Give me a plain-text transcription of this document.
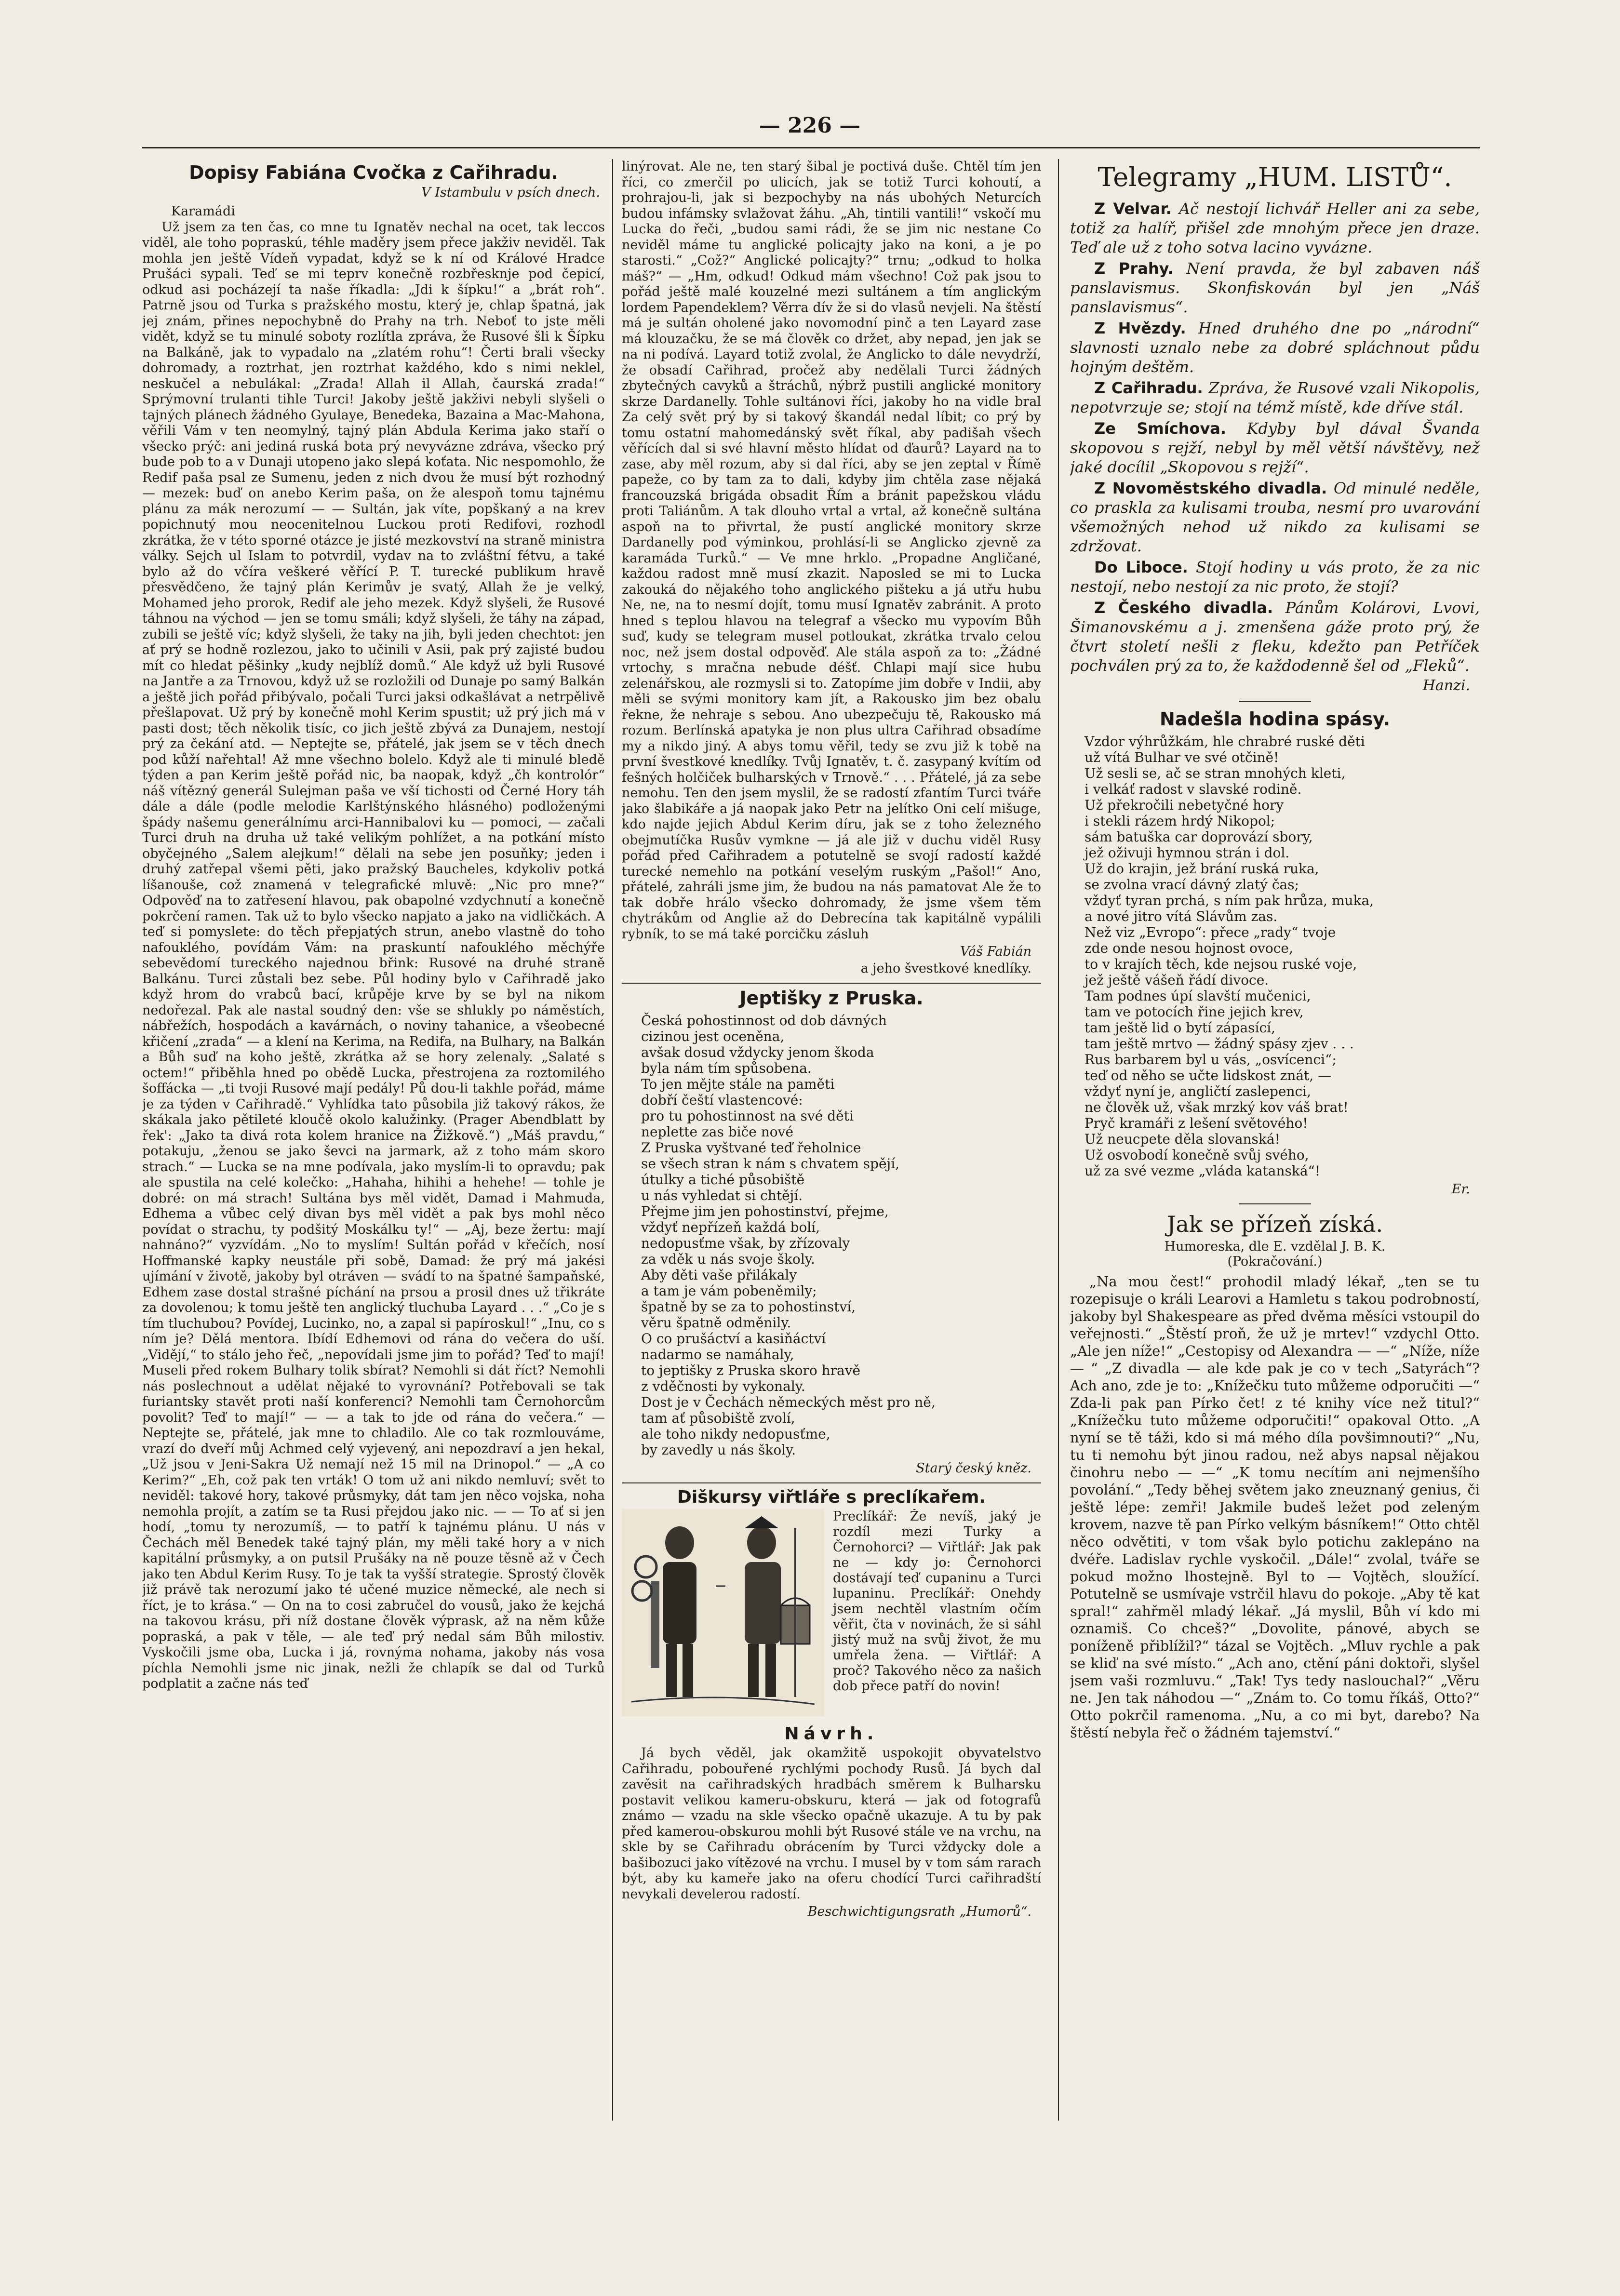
— 226 —
Dopisy Fabiána Cvočka z Cařihradu.
V Istambulu v psích dnech.

Karamádi

Už jsem za ten čas, co mne tu Ignatěv nechal na ocet, tak leccos viděl, ale toho popraskú, téhle maděry jsem přece jakživ neviděl. Tak mohla jen ještě Vídeň vypadat, když se k ní od Králové Hradce Prušáci sypali. Teď se mi teprv konečně rozbřesknje pod čepicí, odkud asi pocházejí ta naše říkadla: „Jdi k šípku!“ a „brát roh“. Patrně jsou od Turka s pražského mostu, který je, chlap špatná, jak jej znám, přines nepochybně do Prahy na trh. Neboť to jste měli vidět, když se tu minulé soboty rozlítla zpráva, že Rusové šli k Šípku na Balkáně, jak to vypadalo na „zlatém rohu“! Čerti brali všecky dohromady, a roztrhat, jen roztrhat každého, kdo s nimi neklel, neskučel a nebulákal: „Zrada! Allah il Allah, čaurská zrada!“ Sprýmovní trulanti tihle Turci! Jakoby ještě jakživi nebyli slyšeli o tajných plánech žádného Gyulaye, Benedeka, Bazaina a Mac-Mahona, věřili Vám v ten neomylný, tajný plán Abdula Kerima jako staří o všecko prýč: ani jediná ruská bota prý nevyvázne zdráva, všecko prý bude pob to a v Dunaji utopeno jako slepá koťata. Nic nespomohlo, že Redif paša psal ze Sumenu, jeden z nich dvou že musí být rozhodný — mezek: buď on anebo Kerim paša, on že alespoň tomu tajnému plánu za mák nerozumí — — Sultán, jak víte, popškaný a na krev popichnutý mou neocenitelnou Luckou proti Redifovi, rozhodl zkrátka, že v této sporné otázce je jisté mezkovství na straně ministra války. Sejch ul Islam to potvrdil, vydav na to zvláštní fétvu, a také bylo až do včíra veškeré věřící P. T. turecké publikum hravě přesvědčeno, že tajný plán Kerimův je svatý, Allah že je velký, Mohamed jeho prorok, Redif ale jeho mezek. Když slyšeli, že Rusové táhnou na východ — jen se tomu smáli; když slyšeli, že táhy na západ, zubili se ještě víc; když slyšeli, že taky na jih, byli jeden chechtot: jen ať prý se hodně rozlezou, jako to učinili v Asii, pak prý zajisté budou mít co hledat pěšinky „kudy nejblíž domů.“ Ale když už byli Rusové na Jantře a za Trnovou, když už se rozložili od Dunaje po samý Balkán a ještě jich pořád přibývalo, počali Turci jaksi odkašlávat a netrpělivě přešlapovat. Už prý by konečně mohl Kerim spustit; už prý jich má v pasti dost; těch několik tisíc, co jich ještě zbývá za Dunajem, nestojí prý za čekání atd. — Neptejte se, přátelé, jak jsem se v těch dnech pod kůží nařehtal! Až mne všechno bolelo. Když ale ti minulé bledě týden a pan Kerim ještě pořád nic, ba naopak, když „čh kontrolór“ náš vítězný generál Sulejman paša ve vší tichosti od Černé Hory táh dále a dále (podle melodie Karlštýnského hlásného) podloženými špády našemu generálnímu arci-Hannibalovi ku — pomoci, — začali Turci druh na druha už také velikým pohlížet, a na potkání místo obyčejného „Salem alejkum!“ dělali na sebe jen posuňky; jeden i druhý zatřepal všemi pěti, jako pražský Baucheles, kdykoliv potká líšanouše, což znamená v telegrafické mluvě: „Nic pro mne?“ Odpověď na to zatřesení hlavou, pak obapolné vzdychnutí a konečně pokrčení ramen. Tak už to bylo všecko napjato a jako na vidličkách. A teď si pomyslete: do těch přepjatých strun, anebo vlastně do toho nafouklého, povídám Vám: na praskuntí nafouklého měchýře sebevědomí tureckého najednou břink: Rusové na druhé straně Balkánu. Turci zůstali bez sebe. Půl hodiny bylo v Cařihradě jako když hrom do vrabců bací, krůpěje krve by se byl na nikom nedořezal. Pak ale nastal soudný den: vše se shlukly po náměstích, nábřežích, hospodách a kavárnách, o noviny tahanice, a všeobecné křičení „zrada“ — a klení na Kerima, na Redifa, na Bulhary, na Balkán a Bůh suď na koho ještě, zkrátka až se hory zelenaly. „Salaté s octem!“ přiběhla hned po obědě Lucka, přestrojena za roztomilého šoffácka — „ti tvoji Rusové mají pedály! Pů dou-li takhle pořád, máme je za týden v Cařihradě.“ Vyhlídka tato působila již takový rákos, že skákala jako pětileté kloučě okolo kalužinky. (Prager Abendblatt by řek': „Jako ta divá rota kolem hranice na Žižkově.“) „Máš pravdu,“ potakuju, „ženou se jako ševci na jarmark, až z toho mám skoro strach.“ — Lucka se na mne podívala, jako myslím-li to opravdu; pak ale spustila na celé kolečko: „Hahaha, hihihi a hehehe! — tohle je dobré: on má strach! Sultána bys měl vidět, Damad i Mahmuda, Edhema a vůbec celý divan bys měl vidět a pak bys mohl něco povídat o strachu, ty podšitý Moskálku ty!“ — „Aj, beze žertu: mají nahnáno?“ vyzvídám. „No to myslím! Sultán pořád v křečích, nosí Hoffmanské kapky neustále při sobě, Damad: že prý má jakési ujímání v životě, jakoby byl otráven — svádí to na špatné šampaňské, Edhem zase dostal strašné píchání na prsou a prosil dnes už třikráte za dovolenou; k tomu ještě ten anglický tluchuba Layard . . .“ „Co je s tím tluchubou? Povídej, Lucinko, no, a zapal si papíroskul!“ „Inu, co s ním je? Dělá mentora. Ibídí Edhemovi od rána do večera do uší. „Vidějí,“ to stálo jeho řeč, „nepovídali jsme jim to pořád? Teď to mají! Museli před rokem Bulhary tolik sbírat? Nemohli si dát říct? Nemohli nás poslechnout a udělat nějaké to vyrovnání? Potřebovali se tak furiantsky stavět proti naší konferenci? Nemohli tam Černohorcům povolit? Teď to mají!“ — — a tak to jde od rána do večera.“ — Neptejte se, přátelé, jak mne to chladilo. Ale co tak rozmlouváme, vrazí do dveří můj Achmed celý vyjevený, ani nepozdraví a jen hekal, „Už jsou v Jeni-Sakra Už nemají než 15 mil na Drinopol.“ — „A co Kerim?“ „Eh, což pak ten vrták! O tom už ani nikdo nemluví; svět to neviděl: takové hory, takové průsmyky, dát tam jen něco vojska, noha nemohla projít, a zatím se ta Rusi přejdou jako nic. — — To ať si jen hodí, „tomu ty nerozumíš, — to patří k tajnému plánu. U nás v Čechách měl Benedek také tajný plán, my měli také hory a v nich kapitální průsmyky, a on putsil Prušáky na ně pouze těsně až v Čech jako ten Abdul Kerim Rusy. To je tak ta vyšší strategie. Sprostý člověk již právě tak nerozumí jako té učené muzice německé, ale nech si říct, je to krása.“ — On na to cosi zabručel do vousů, jako že kejchá na takovou krásu, při níž dostane člověk výprask, až na něm kůže popraská, a pak v těle, — ale teď prý nedal sám Bůh milostiv. Vyskočili jsme oba, Lucka i já, rovnýma nohama, jakoby nás vosa píchla Nemohli jsme nic jinak, nežli že chlapík se dal od Turků podplatit a začne nás teď

linýrovat. Ale ne, ten starý šibal je poctivá duše. Chtěl tím jen říci, co zmerčil po ulicích, jak se totiž Turci kohoutí, a prohrajou-li, jak si bezpochyby na nás ubohých Neturcích budou infámsky svlažovat žáhu. „Ah, tintili vantili!“ vskočí mu Lucka do řeči, „budou sami rádi, že se jim nic nestane Co neviděl máme tu anglické policajty jako na koni, a je po starosti.“ „Což?“ Anglické policajty?“ trnu; „odkud to holka máš?“ — „Hm, odkud! Odkud mám všechno! Což pak jsou to pořád ještě malé kouzelné mezi sultánem a tím anglickým lordem Papendeklem? Věrra dív že si do vlasů nevjeli. Na štěstí má je sultán oholené jako novomodní pinč a ten Layard zase má klouzačku, že se má člověk co držet, aby nepad, jen jak se na ni podívá. Layard totiž zvolal, že Anglicko to dále nevydrží, že obsadí Cařihrad, pročež aby nedělali Turci žádných zbytečných cavyků a štráchů, nýbrž pustili anglické monitory skrze Dardanelly. Tohle sultánovi říci, jakoby ho na vidle bral Za celý svět prý by si takový škandál nedal líbit; co prý by tomu ostatní mahomedánský svět říkal, aby padišah všech věřících dal si své hlavní město hlídat od ďaurů? Layard na to zase, aby měl rozum, aby si dal říci, aby se jen zeptal v Římě papeže, co by tam za to dali, kdyby jim chtěla zase nějaká francouzská brigáda obsadit Řím a bránit papežskou vládu proti Taliánům. A tak dlouho vrtal a vrtal, až konečně sultána aspoň na to přivrtal, že pustí anglické monitory skrze Dardanelly pod výminkou, prohlásí-li se Anglicko zjevně za karamáda Turků.“ — Ve mne hrklo. „Propadne Angličané, každou radost mně musí zkazit. Naposled se mi to Lucka zakouká do nějakého toho anglického pišteku a já utřu hubu Ne, ne, na to nesmí dojít, tomu musí Ignatěv zabránit. A proto hned s teplou hlavou na telegraf a všecko mu vypovím Bůh suď, kudy se telegram musel potloukat, zkrátka trvalo celou noc, než jsem dostal odpověď. Ale stála aspoň za to: „Žádné vrtochy, s mračna nebude déšť. Chlapi mají sice hubu zelenářskou, ale rozmysli si to. Zatopíme jim dobře v Indii, aby měli se svými monitory kam jít, a Rakousko jim bez obalu řekne, že nehraje s sebou. Ano ubezpečuju tě, Rakousko má rozum. Berlínská apatyka je non plus ultra Cařihrad obsadíme my a nikdo jiný. A abys tomu věřil, tedy se zvu již k tobě na první švestkové knedlíky. Tvůj Ignatěv, t. č. zasypaný kvítím od fešných holčiček bulharských v Trnově.“ . . . Přátelé, já za sebe nemohu. Ten den jsem myslil, že se radostí zfantím Turci tváře jako šlabikáře a já naopak jako Petr na jelítko Oni celí mišuge, kdo najde jejich Abdul Kerim díru, jak se z toho železného obejmutíčka Rusův vymkne — já ale již v duchu viděl Rusy pořád před Cařihradem a potutelně se svojí radostí každé turecké nemehlo na potkání veselým ruským „Pašol!“ Ano, přátelé, zahráli jsme jim, že budou na nás pamatovat Ale že to tak dobře hrálo všecko dohromady, že jsme všem těm chytrákům od Anglie až do Debrecína tak kapitálně vypálili rybník, to se má také porcičku zásluh

Váš Fabián
a jeho švestkové knedlíky.
Jeptišky z Pruska.
Česká pohostinnost od dob dávných
cizinou jest oceněna,
avšak dosud vždycky jenom škoda
byla nám tím spůsobena.
To jen mějte stále na paměti
dobří čeští vlastencové:
pro tu pohostinnost na své děti
neplette zas biče nové
Z Pruska vyštvané teď řeholnice
se všech stran k nám s chvatem spějí,
útulky a tiché působiště
u nás vyhledat si chtějí.
Přejme jim jen pohostinství, přejme,
vždyť nepřízeň každá bolí,
nedopusťme však, by zřízovaly
za vděk u nás svoje školy.
Aby děti vaše přilákaly
a tam je vám pobeněmily;
špatně by se za to pohostinství,
věru špatně odměnily.
O co prušáctví a kasiňáctví
nadarmo se namáhaly,
to jeptišky z Pruska skoro hravě
z vděčnosti by vykonaly.
Dost je v Čechách německých měst pro ně,
tam ať působiště zvolí,
ale toho nikdy nedopusťme,
by zavedly u nás školy.
Starý český kněz.
Diškursy viřtláře s preclíkařem.

Preclíkář: Že nevíš, jaký je rozdíl mezi Turky a Černohorci? — Viřtlář: Jak pak ne — kdy jo: Černohorci dostávají teď cupaninu a Turci lupaninu. Preclíkář: Onehdy jsem nechtěl vlastním očím věřit, čta v novinách, že si sáhl jistý muž na svůj život, že mu umřela žena. — Viřtlář: A proč? Takového něco za našich dob přece patří do novin!

Návrh.

Já bych věděl, jak okamžitě uspokojit obyvatelstvo Cařihradu, pobouřené rychlými pochody Rusů. Já bych dal zavěsit na cařihradských hradbách směrem k Bulharsku postavit velikou kameru-obskuru, která — jak od fotografů známo — vzadu na skle všecko opačně ukazuje. A tu by pak před kamerou-obskurou mohli být Rusové stále ve na vrchu, na skle by se Cařihradu obrácením by Turci vždycky dole a bašibozuci jako vítězové na vrchu. I musel by v tom sám rarach být, aby ku kameře jako na oferu chodící Turci cařihradští nevykali develerou radostí.

Beschwichtigungsrath „Humorů“.
Telegramy „HUM. LISTŮ“.

Z Velvar. Ač nestojí lichvář Heller ani za sebe, totiž za halíř, přišel zde mnohým přece jen draze. Teď ale už z toho sotva lacino vyvázne.

Z Prahy. Není pravda, že byl zabaven náš panslavismus. Skonfiskován byl jen „Náš panslavismus“.

Z Hvězdy. Hned druhého dne po „národní“ slavnosti uznalo nebe za dobré spláchnout půdu hojným deštěm.

Z Cařihradu. Zpráva, že Rusové vzali Nikopolis, nepotvrzuje se; stojí na témž místě, kde dříve stál.

Ze Smíchova. Kdyby byl dával Švanda skopovou s rejží, nebyl by měl větší návštěvy, než jaké docílil „Skopovou s rejží“.

Z Novoměstského divadla. Od minulé neděle, co praskla za kulisami trouba, nesmí pro uvarování všemožných nehod už nikdo za kulisami se zdržovat.

Do Liboce. Stojí hodiny u vás proto, že za nic nestojí, nebo nestojí za nic proto, že stojí?

Z Českého divadla. Pánům Kolárovi, Lvovi, Šimanovskému a j. zmenšena gáže proto prý, že čtvrt století nešli z fleku, kdežto pan Petříček pochválen prý za to, že každodenně šel od „Fleků“.

Hanzi.
Nadešla hodina spásy.
Vzdor výhrůžkám, hle chrabré ruské děti
už vítá Bulhar ve své otčině!
Už sesli se, ač se stran mnohých kleti,
i velkáť radost v slavské rodině.
Už překročili nebetyčné hory
i stekli rázem hrdý Nikopol;
sám batuška car doprovází sbory,
jež oživuji hymnou strán i dol.
Už do krajin, jež brání ruská ruka,
se zvolna vrací dávný zlatý čas;
vždyť tyran prchá, s ním pak hrůza, muka,
a nové jitro vítá Slávům zas.
Než viz „Evropo“: přece „rady“ tvoje
zde onde nesou hojnost ovoce,
to v krajích těch, kde nejsou ruské voje,
jež ještě vášeň řádí divoce.
Tam podnes úpí slavští mučenici,
tam ve potocích řine jejich krev,
tam ještě lid o bytí zápasící,
tam ještě mrtvo — žádný spásy zjev . . .
Rus barbarem byl u vás, „osvícenci“;
teď od něho se učte lidskost znát, —
vždyť nyní je, angličtí zaslepenci,
ne člověk už, však mrzký kov váš brat!
Pryč kramáři z lešení světového!
Už neucpete děla slovanská!
Už osvobodí konečně svůj svého,
už za své vezme „vláda katanská“!
Er.
Jak se přízeň získá.
Humoreska, dle E. vzdělal J. B. K.
(Pokračování.)

„Na mou čest!“ prohodil mladý lékař, „ten se tu rozepisuje o králi Learovi a Hamletu s takou podrobností, jakoby byl Shakespeare as před dvěma měsíci vstoupil do veřejnosti.“ „Štěstí proň, že už je mrtev!“ vzdychl Otto. „Ale jen níže!“ „Cestopisy od Alexandra — —“ „Níže, níže — “ „Z divadla — ale kde pak je co v tech „Satyrách“? Ach ano, zde je to: „Knížečku tuto můžeme odporučiti —“ Zda-li pak pan Pírko čet! z té knihy více než titul?“ „Knížečku tuto můžeme odporučiti!“ opakoval Otto. „A nyní se tě táži, kdo si má mého díla povšimnouti?“ „Nu, tu ti nemohu být jinou radou, než abys napsal nějakou činohru nebo — —“ „K tomu necítím ani nejmenšího povolání.“ „Tedy běhej světem jako zneuznaný genius, či ještě lépe: zemři! Jakmile budeš ležet pod zeleným krovem, nazve tě pan Pírko velkým básníkem!“ Otto chtěl něco odvětiti, v tom však bylo potichu zaklepáno na dvéře. Ladislav rychle vyskočil. „Dále!“ zvolal, tváře se pokud možno lhostejně. Byl to — Vojtěch, sloužící. Potutelně se usmívaje vstrčil hlavu do pokoje. „Aby tě kat spral!“ zahřměl mladý lékař. „Já myslil, Bůh ví kdo mi oznamiš. Co chceš?“ „Dovolite, pánové, abych se poníženě přiblížil?“ tázal se Vojtěch. „Mluv rychle a pak se kliď na své místo.“ „Ach ano, ctění páni doktoři, slyšel jsem vaši rozmluvu.“ „Tak! Tys tedy naslouchal?“ „Věru ne. Jen tak náhodou —“ „Znám to. Co tomu říkáš, Otto?“ Otto pokrčil ramenoma. „Nu, a co mi byt, darebo? Na štěstí nebyla řeč o žádném tajemství.“
